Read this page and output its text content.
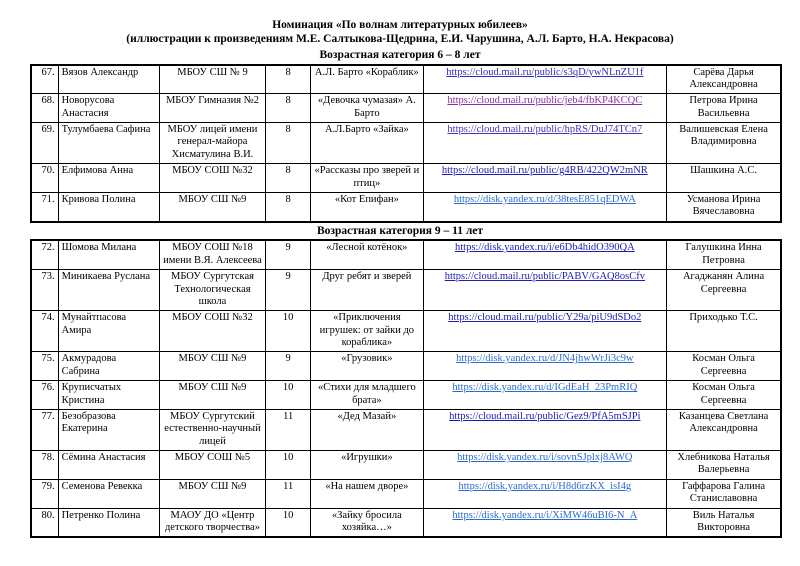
Номинация «По волнам литературных юбилеев»
(иллюстрации к произведениям М.Е. Салтыкова-Щедрина, Е.И. Чарушина, А.Л. Барто, Н.А. Некрасова)
Возрастная категория 6 – 8 лет
67.	Вязов Александр	МБОУ СШ № 9	8	А.Л. Барто «Кораблик»	https://cloud.mail.ru/public/s3qD/ywNLnZU1f	Сарёва Дарья Александровна
68.	Новорусова Анастасия	МБОУ Гимназия №2	8	«Девочка чумазая» А. Барто	https://cloud.mail.ru/public/jeb4/fbKP4KCQC	Петрова Ирина Васильевна
69.	Тулумбаева Сафина	МБОУ лицей имени генерал-майора Хисматулина В.И.	8	А.Л.Барто «Зайка»	https://cloud.mail.ru/public/hpRS/DuJ74TCn7	Валишевская Елена Владимировна
70.	Елфимова Анна	МБОУ СОШ №32	8	«Рассказы про зверей и птиц»	https://cloud.mail.ru/public/g4RB/422QW2mNR	Шашкина А.С.
71.	Кривова Полина	МБОУ СШ №9	8	«Кот Епифан»	https://disk.yandex.ru/d/38tesE851qEDWA	Усманова Ирина Вячеславовна
Возрастная категория 9 – 11 лет
72.	Шомова Милана	МБОУ СОШ №18 имени В.Я. Алексеева	9	«Лесной котёнок»	https://disk.yandex.ru/i/e6Db4hidO390QA	Галушкина Инна Петровна
73.	Миникаева Руслана	МБОУ Сургутская Технологическая школа	9	Друг ребят и зверей	https://cloud.mail.ru/public/PABV/GAQ8osCfv	Агаджанян Алина Сергеевна
74.	Мунайтпасова Амира	МБОУ СОШ №32	10	«Приключения игрушек: от зайки до кораблика»	https://cloud.mail.ru/public/Y29a/piU9dSDo2	Приходько Т.С.
75.	Акмурадова Сабрина	МБОУ СШ №9	9	«Грузовик»	https://disk.yandex.ru/d/JN4jhwWrJi3c9w	Косман Ольга Сергеевна
76.	Круписчатых Кристина	МБОУ СШ №9	10	«Стихи для младшего брата»	https://disk.yandex.ru/d/IGdEaH_23PmRIQ	Косман Ольга Сергеевна
77.	Безобразова Екатерина	МБОУ Сургутский естественно-научный лицей	11	«Дед Мазай»	https://cloud.mail.ru/public/Gez9/PfA5mSJPi	Казанцева Светлана Александровна
78.	Сёмина Анастасия	МБОУ СОШ №5	10	«Игрушки»	https://disk.yandex.ru/i/sovnSJplxj8AWQ	Хлебникова Наталья Валерьевна
79.	Семенова Ревекка	МБОУ СШ №9	11	«На нашем дворе»	https://disk.yandex.ru/i/H8d6rzKX_isI4g	Гаффарова Галина Станиславовна
80.	Петренко Полина	МАОУ ДО «Центр детского творчества»	10	«Зайку бросила хозяйка…»	https://disk.yandex.ru/i/XiMW46uBI6-N_A	Виль Наталья Викторовна
